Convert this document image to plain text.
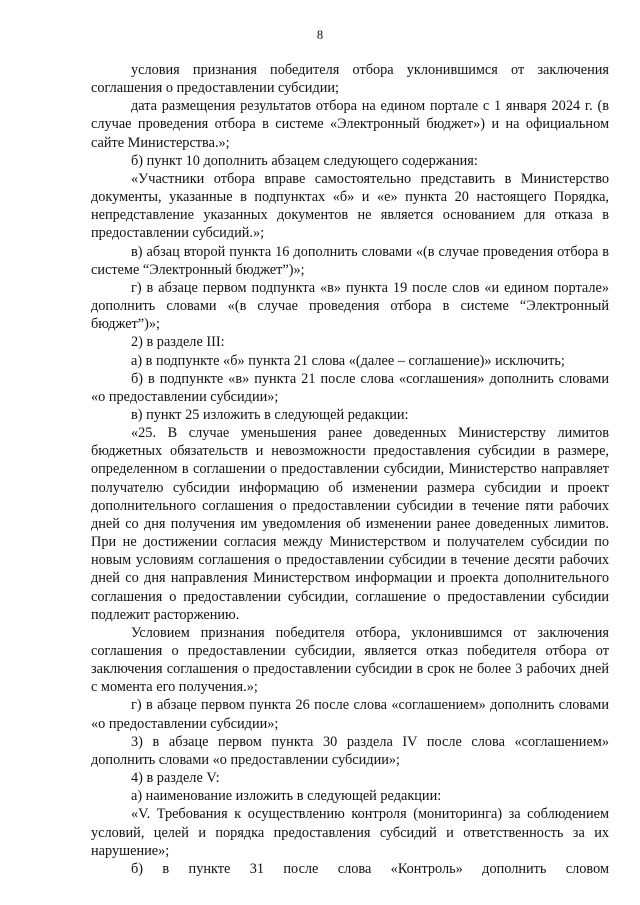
8

условия признания победителя отбора уклонившимся от заключения соглашения о предоставлении субсидии;

дата размещения результатов отбора на едином портале с 1 января 2024 г. (в случае проведения отбора в системе «Электронный бюджет») и на официальном сайте Министерства.»;

б) пункт 10 дополнить абзацем следующего содержания:

«Участники отбора вправе самостоятельно представить в Министерство документы, указанные в подпунктах «б» и «е» пункта 20 настоящего Порядка, непредставление указанных документов не является основанием для отказа в предоставлении субсидий.»;

в) абзац второй пункта 16 дополнить словами «(в случае проведения отбора в системе “Электронный бюджет”)»;

г) в абзаце первом подпункта «в» пункта 19 после слов «и едином портале» дополнить словами «(в случае проведения отбора в системе “Электронный бюджет”)»;

2) в разделе III:

а) в подпункте «б» пункта 21 слова «(далее – соглашение)» исключить;

б) в подпункте «в» пункта 21 после слова «соглашения» дополнить словами «о предоставлении субсидии»;

в) пункт 25 изложить в следующей редакции:

«25. В случае уменьшения ранее доведенных Министерству лимитов бюджетных обязательств и невозможности предоставления субсидии в размере, определенном в соглашении о предоставлении субсидии, Министерство направляет получателю субсидии информацию об изменении размера субсидии и проект дополнительного соглашения о предоставлении субсидии в течение пяти рабочих дней со дня получения им уведомления об изменении ранее доведенных лимитов. При не достижении согласия между Министерством и получателем субсидии по новым условиям соглашения о предоставлении субсидии в течение десяти рабочих дней со дня направления Министерством информации и проекта дополнительного соглашения о предоставлении субсидии, соглашение о предоставлении субсидии подлежит расторжению.

Условием признания победителя отбора, уклонившимся от заключения соглашения о предоставлении субсидии, является отказ победителя отбора от заключения соглашения о предоставлении субсидии в срок не более 3 рабочих дней с момента его получения.»;

г) в абзаце первом пункта 26 после слова «соглашением» дополнить словами «о предоставлении субсидии»;

3) в абзаце первом пункта 30 раздела IV после слова «соглашением» дополнить словами «о предоставлении субсидии»;

4) в разделе V:

а) наименование изложить в следующей редакции:

«V. Требования к осуществлению контроля (мониторинга) за соблюдением условий, целей и порядка предоставления субсидий и ответственность за их нарушение»;

б) в пункте 31 после слова «Контроль» дополнить словом
